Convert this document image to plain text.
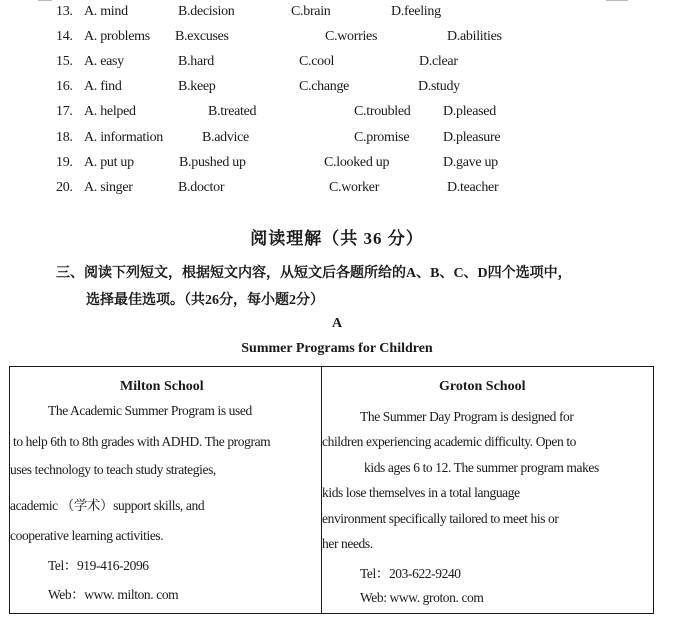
13. A. mind	B.decision	C.brain	D.feeling
14. A. problems B.excuses	C.worries	D.abilities
15. A. easy	B.hard	C.cool	D.clear
16. A. find	B.keep	C.change	D.study
17. A. helped	B.treated	C.troubled D.pleased
18. A. information	B.advice	C.promise D.pleasure
19. A. put up	B.pushed up	C.looked up	D.gave up
20. A. singer	B.doctor	C.worker	D.teacher
阅读理解（共 36 分）
三、阅读下列短文，根据短文内容，从短文后各题所给的A、B、C、D四个选项中，
选择最佳选项。（共26分，每小题2分）
A
Summer Programs for Children
Milton School
The Academic Summer Program is used
to help 6th to 8th grades with ADHD. The program
uses technology to teach study strategies,
academic （学术）support skills, and
cooperative learning activities.
Tel：919-416-2096
Web：www. milton. com
Groton School
The Summer Day Program is designed for
children experiencing academic difficulty. Open to
kids ages 6 to 12. The summer program makes
kids lose themselves in a total language
environment specifically tailored to meet his or
her needs.
Tel：203-622-9240
Web: www. groton. com
